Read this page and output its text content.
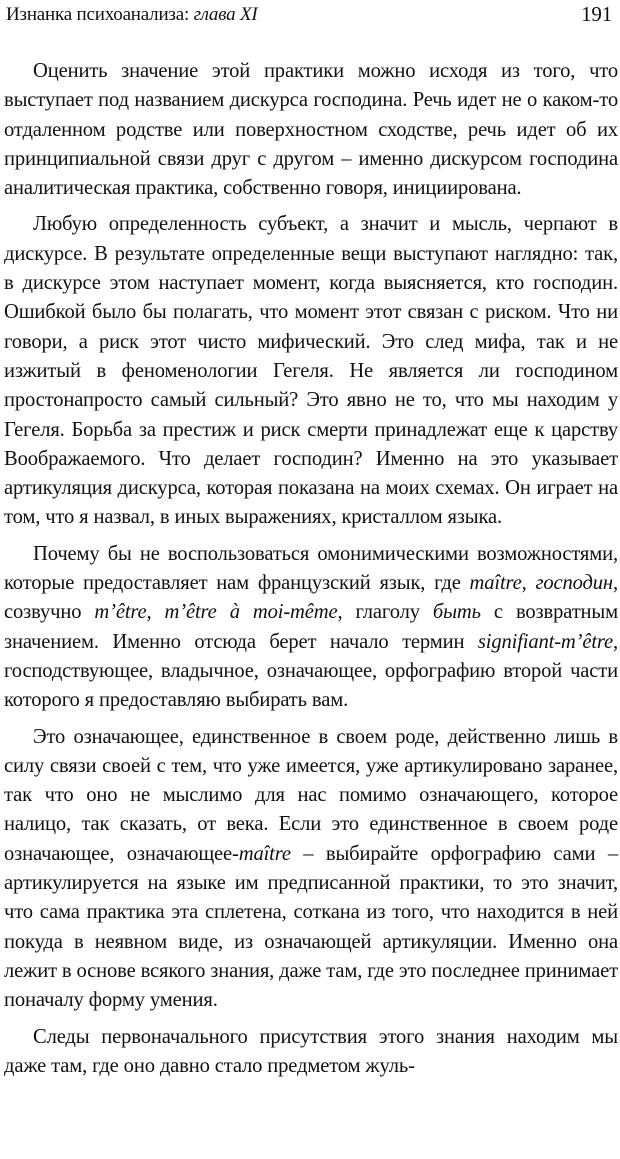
Изнанка психоанализа: глава XI	191

Оценить значение этой практики можно исходя из того, что выступает под названием дискурса господина. Речь идет не о каком-то отдаленном родстве или поверхностном сходстве, речь идет об их принципиальной связи друг с другом – именно дискурсом господина аналитическая практика, собственно говоря, инициирована.

Любую определенность субъект, а значит и мысль, черпают в дискурсе. В результате определенные вещи выступают наглядно: так, в дискурсе этом наступает момент, когда выясняется, кто господин. Ошибкой было бы полагать, что момент этот связан с риском. Что ни говори, а риск этот чисто мифический. Это след мифа, так и не изжитый в феноменологии Гегеля. Не является ли господином простонапросто самый сильный? Это явно не то, что мы находим у Гегеля. Борьба за престиж и риск смерти принадлежат еще к царству Воображаемого. Что делает господин? Именно на это указывает артикуляция дискурса, которая показана на моих схемах. Он играет на том, что я назвал, в иных выражениях, кристаллом языка.

Почему бы не воспользоваться омонимическими возможностями, которые предоставляет нам французский язык, где maître, господин, созвучно m’être, m’être à moi-même, глаголу быть с возвратным значением. Именно отсюда берет начало термин signifiant-m’être, господствующее, владычное, означающее, орфографию второй части которого я предоставляю выбирать вам.

Это означающее, единственное в своем роде, действенно лишь в силу связи своей с тем, что уже имеется, уже артикулировано заранее, так что оно не мыслимо для нас помимо означающего, которое налицо, так сказать, от века. Если это единственное в своем роде означающее, означающее-maître – выбирайте орфографию сами – артикулируется на языке им предписанной практики, то это значит, что сама практика эта сплетена, соткана из того, что находится в ней покуда в неявном виде, из означающей артикуляции. Именно она лежит в основе всякого знания, даже там, где это последнее принимает поначалу форму умения.

Следы первоначального присутствия этого знания находим мы даже там, где оно давно стало предметом жуль-
